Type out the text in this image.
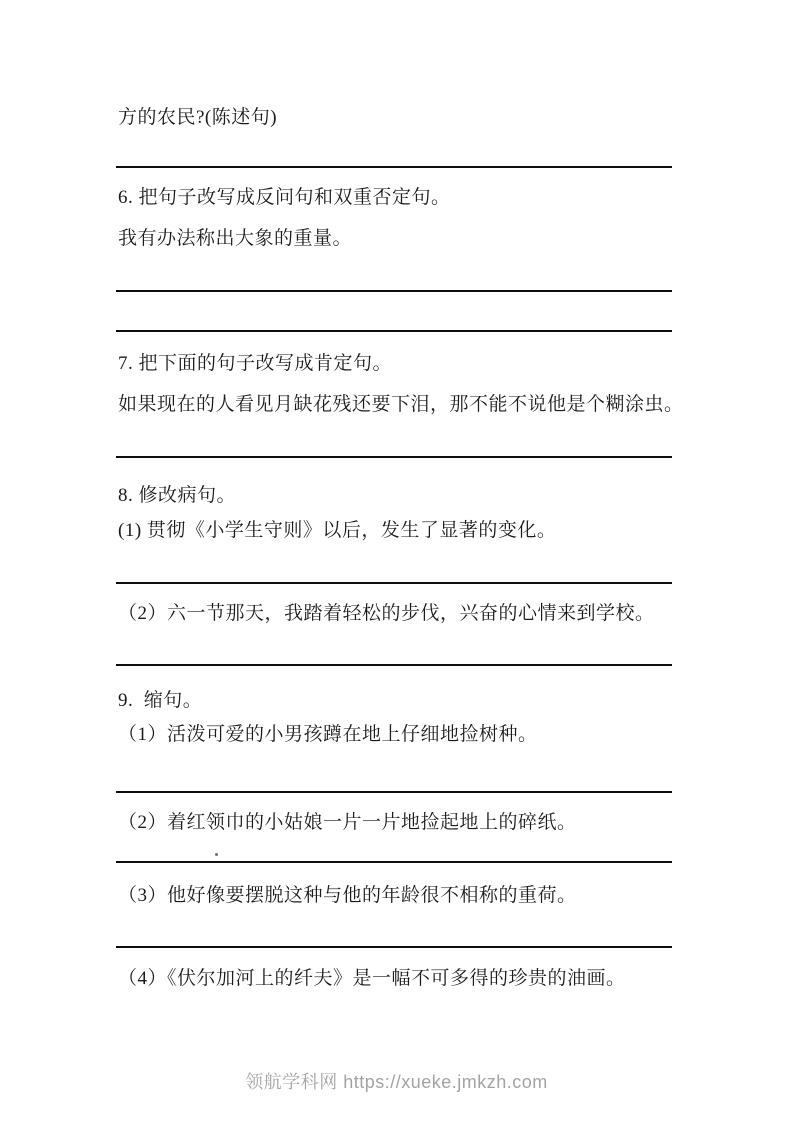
方的农民?(陈述句)
6. 把句子改写成反问句和双重否定句。
我有办法称出大象的重量。
7. 把下面的句子改写成肯定句。
如果现在的人看见月缺花残还要下泪，那不能不说他是个糊涂虫。
8. 修改病句。
(1) 贯彻《小学生守则》以后，发生了显著的变化。
（2）六一节那天，我踏着轻松的步伐，兴奋的心情来到学校。
9.  缩句。
（1）活泼可爱的小男孩蹲在地上仔细地捡树种。
（2）着红领巾的小姑娘一片一片地捡起地上的碎纸。
（3）他好像要摆脱这种与他的年龄很不相称的重荷。
（4）《伏尔加河上的纤夫》是一幅不可多得的珍贵的油画。
领航学科网 https://xueke.jmkzh.com
